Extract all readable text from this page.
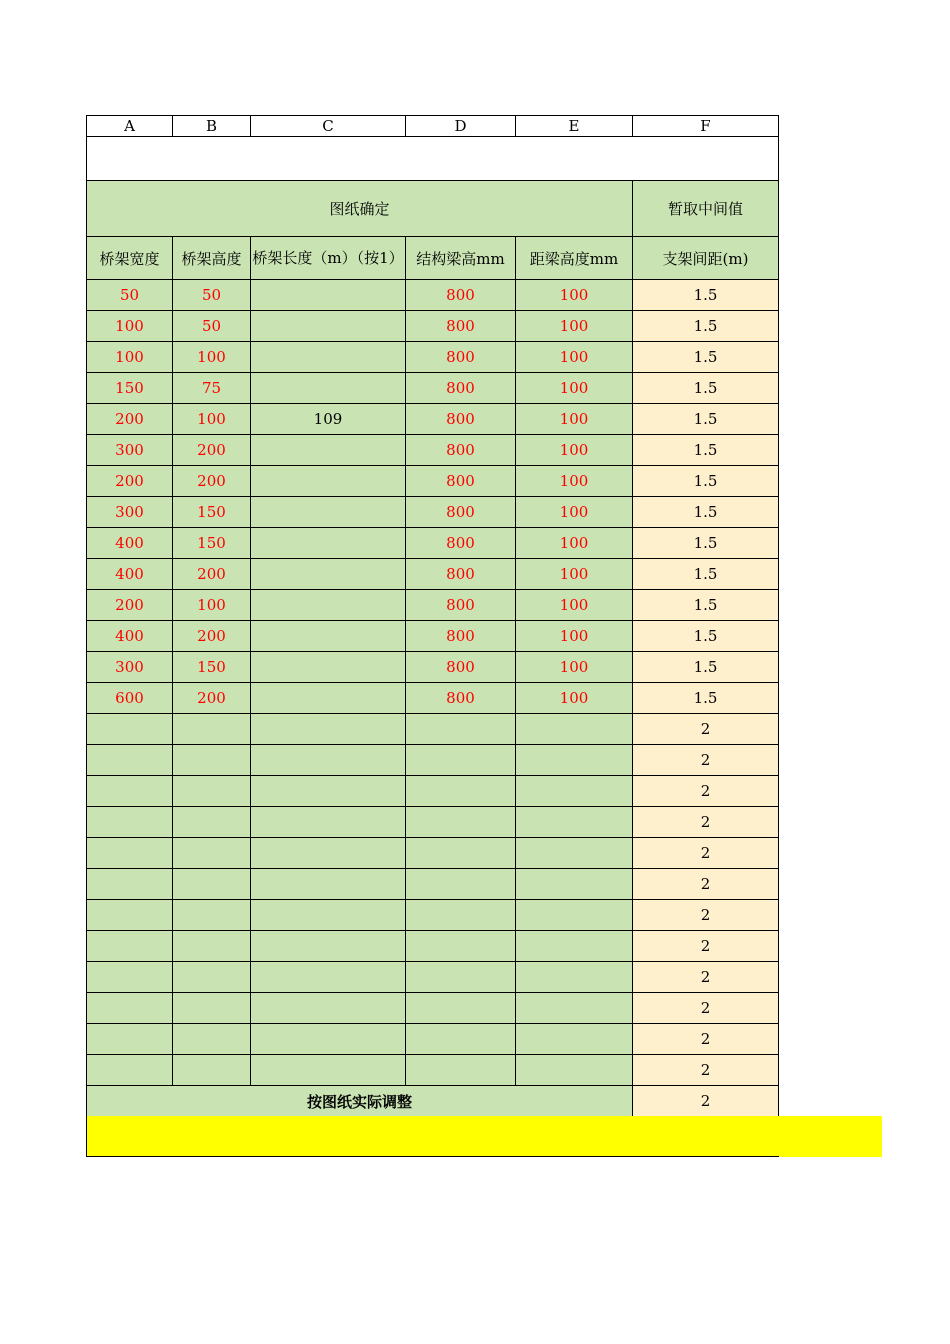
A	B	C	D	E	F

图纸确定					暂取中间值
桥架宽度	桥架高度	桥架长度（m）（按1）	结构梁高mm	距梁高度mm	支架间距(m)
50	50		800	100	1.5
100	50		800	100	1.5
100	100		800	100	1.5
150	75		800	100	1.5
200	100	109	800	100	1.5
300	200		800	100	1.5
200	200		800	100	1.5
300	150		800	100	1.5
400	150		800	100	1.5
400	200		800	100	1.5
200	100		800	100	1.5
400	200		800	100	1.5
300	150		800	100	1.5
600	200		800	100	1.5
					2
					2
					2
					2
					2
					2
					2
					2
					2
					2
					2
					2
按图纸实际调整					2
